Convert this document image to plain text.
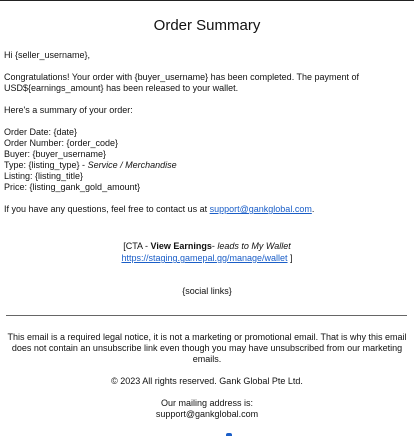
Order Summary

Hi {seller_username},

Congratulations! Your order with {buyer_username} has been completed. The payment of USD${earnings_amount} has been released to your wallet.

Here's a summary of your order:

Order Date: {date}
Order Number: {order_code}
Buyer: {buyer_username}
Type: {listing_type} - Service / Merchandise
Listing: {listing_title}
Price: {listing_gank_gold_amount}

If you have any questions, feel free to contact us at support@gankglobal.com.

[CTA - View Earnings- leads to My Wallet
https://staging.gamepal.gg/manage/wallet ]
{social links}

This email is a required legal notice, it is not a marketing or promotional email. That is why this email does not contain an unsubscribe link even though you may have unsubscribed from our marketing emails.

© 2023 All rights reserved. Gank Global Pte Ltd.

Our mailing address is:

support@gankglobal.com
